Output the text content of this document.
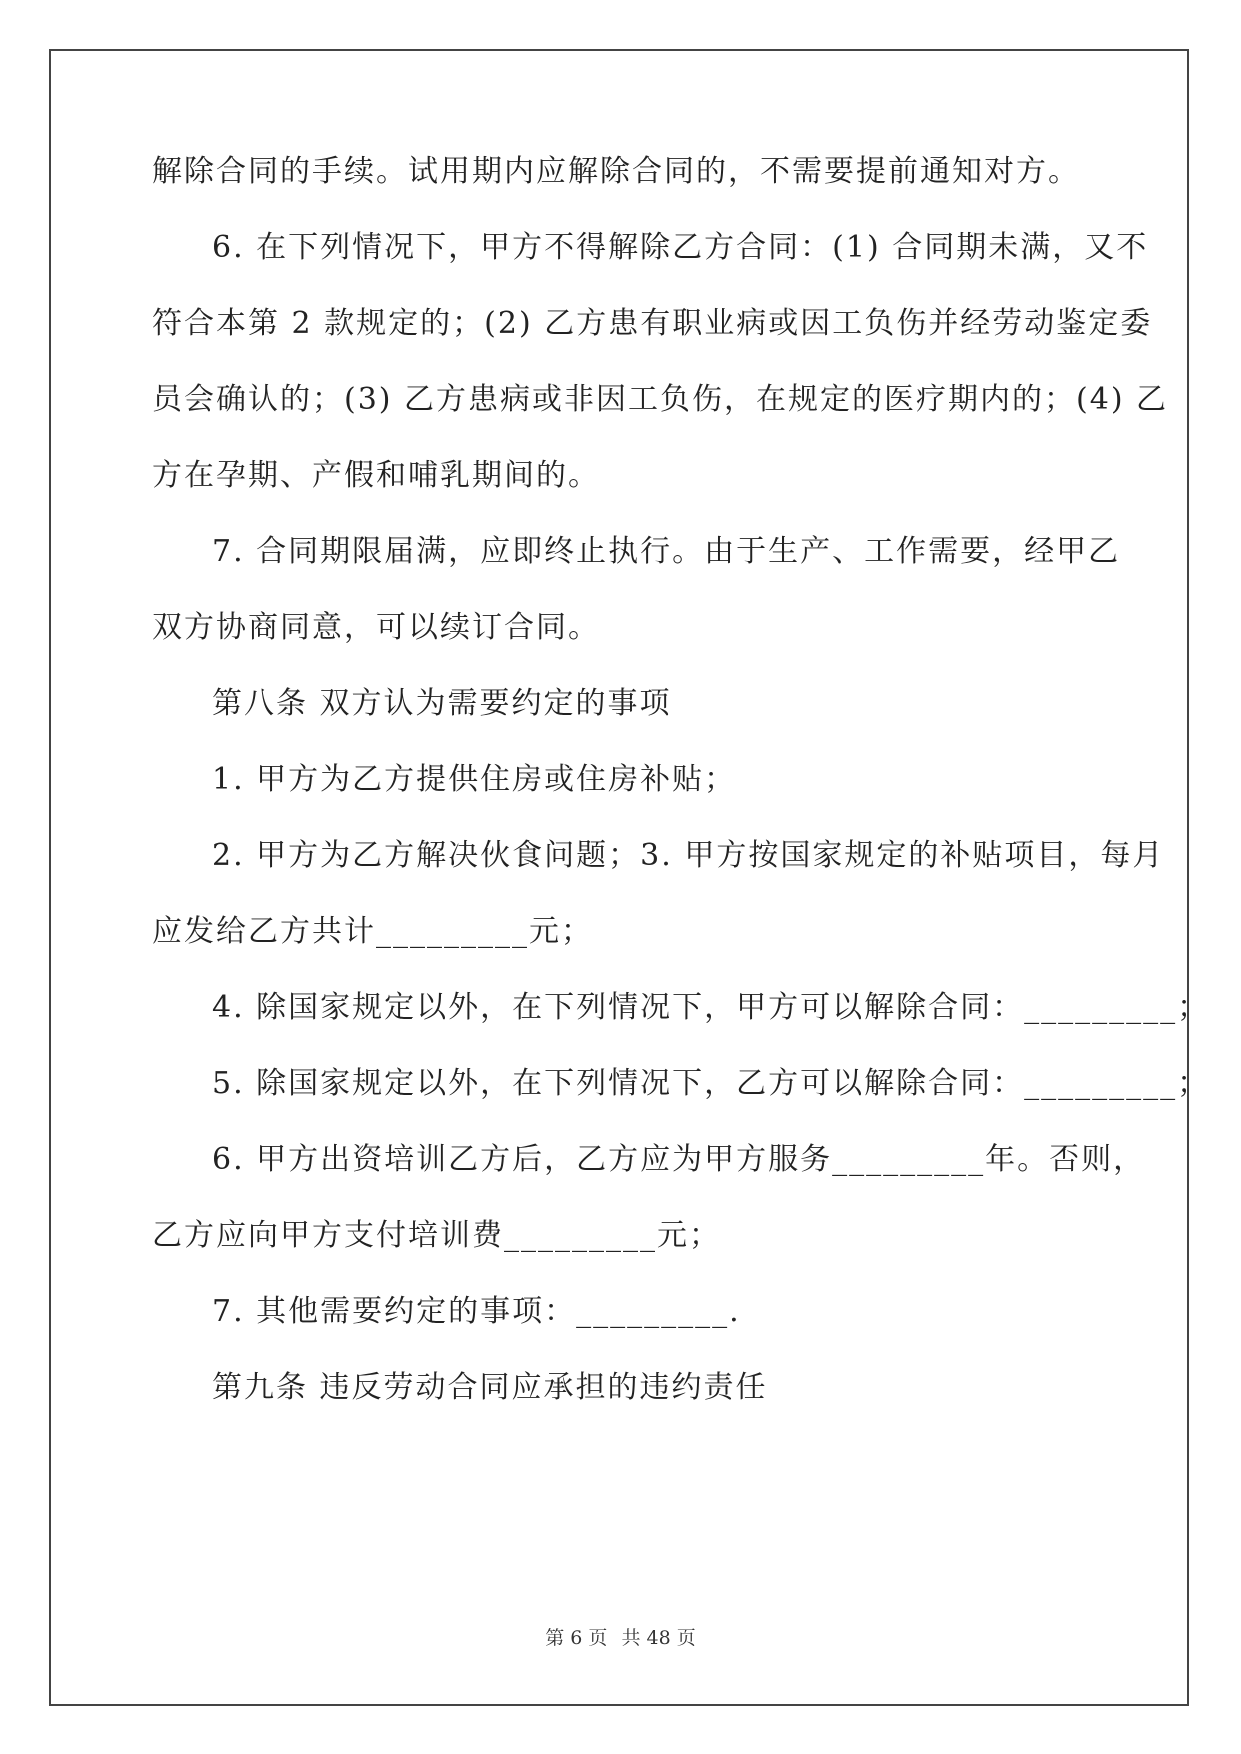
解除合同的手续。试用期内应解除合同的，不需要提前通知对方。
6. 在下列情况下，甲方不得解除乙方合同：(1) 合同期未满，又不
符合本第 2 款规定的；(2) 乙方患有职业病或因工负伤并经劳动鉴定委
员会确认的；(3) 乙方患病或非因工负伤，在规定的医疗期内的；(4) 乙
方在孕期、产假和哺乳期间的。
7. 合同期限届满，应即终止执行。由于生产、工作需要，经甲乙
双方协商同意，可以续订合同。
第八条 双方认为需要约定的事项
1. 甲方为乙方提供住房或住房补贴；
2. 甲方为乙方解决伙食问题；3. 甲方按国家规定的补贴项目，每月
应发给乙方共计_________元；
4. 除国家规定以外，在下列情况下，甲方可以解除合同：_________；
5. 除国家规定以外，在下列情况下，乙方可以解除合同：_________；
6. 甲方出资培训乙方后，乙方应为甲方服务_________年。否则，
乙方应向甲方支付培训费_________元；
7. 其他需要约定的事项：_________.
第九条 违反劳动合同应承担的违约责任
第 6 页 共 48 页
